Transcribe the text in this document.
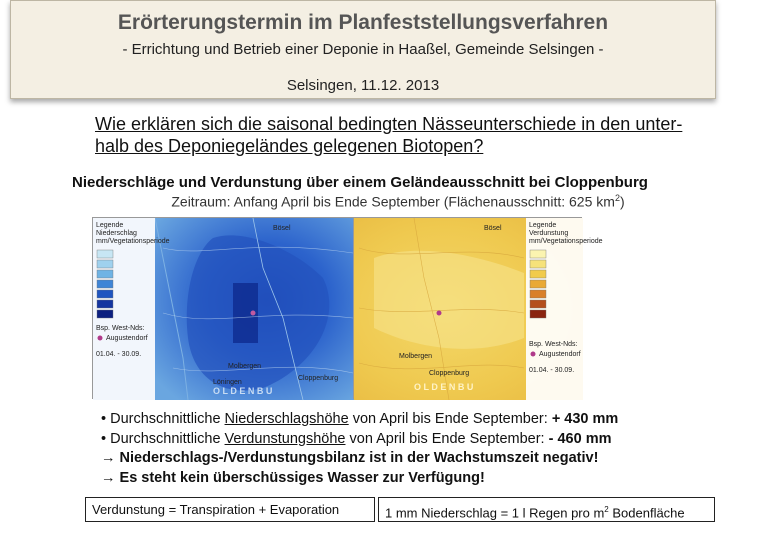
Erörterungstermin im Planfeststellungsverfahren
- Errichtung und Betrieb einer Deponie in Haaßel, Gemeinde Selsingen -
Selsingen, 11.12. 2013
Wie erklären sich die saisonal bedingten Nässeunterschiede in den unter-halb des Deponiegeländes gelegenen Biotopen?
Niederschläge und Verdunstung über einem Geländeausschnitt bei Cloppenburg
Zeitraum: Anfang April bis Ende September (Flächenausschnitt: 625 $km^2$)
Legende
Niederschlag
mm/Vegetationsperiode
Bsp. West-Nds:
Augustendorf
01.04. - 30.09.
Bösel
Molbergen
Löningen
Cloppenburg
O L D E N B U
Legende
Verdunstung
mm/Vegetationsperiode
Bsp. West-Nds:
Augustendorf
01.04. - 30.09.
Bösel
Molbergen
Cloppenburg
O L D E N B U
• Durchschnittliche Niederschlagshöhe von April bis Ende September: + 430 mm
• Durchschnittliche Verdunstungshöhe von April bis Ende September: - 460 mm
→ Niederschlags-/Verdunstungsbilanz ist in der Wachstumszeit negativ!
→ Es steht kein überschüssiges Wasser zur Verfügung!
Verdunstung = Transpiration + Evaporation	1 mm Niederschlag = 1 l Regen pro $m^2$ Bodenfläche
